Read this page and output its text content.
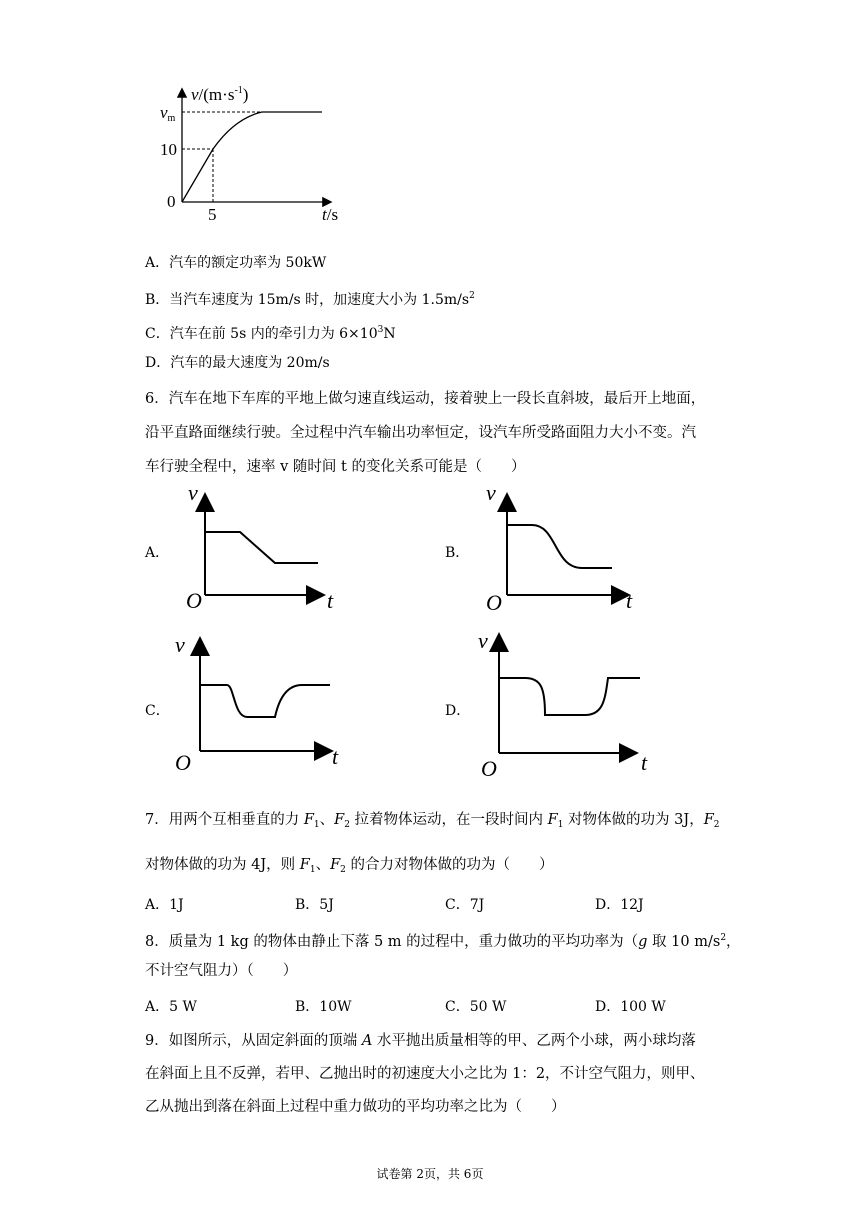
$v/(m\cdot s^{-1})$
vm
10
0
5	t/s
A．汽车的额定功率为 50kW
B．当汽车速度为 15m/s 时，加速度大小为 $1.5m/s^2$
C．汽车在前 5s 内的牵引力为 $6\times 10^3N$
D．汽车的最大速度为 20m/s
6．汽车在地下车库的平地上做匀速直线运动，接着驶上一段长直斜坡，最后开上地面，
沿平直路面继续行驶。全过程中汽车输出功率恒定，设汽车所受路面阻力大小不变。汽
车行驶全程中，速率 v 随时间 t 的变化关系可能是（　　）
A．	B．
C．	D．
v
O	t
v
O	t
v
O	t
v
O	t
7．用两个互相垂直的力 $F_1$、$F_2$ 拉着物体运动，在一段时间内 $F_1$ 对物体做的功为 3J，$F_2$
对物体做的功为 4J，则 $F_1$、$F_2$ 的合力对物体做的功为（　　）
A．1J	B．5J	C．7J	D．12J
8．质量为 1 kg 的物体由静止下落 5 m 的过程中，重力做功的平均功率为（g 取 10 $m/s^2$，
不计空气阻力）（　　）
A．5 W	B．10W	C．50 W	D．100 W
9．如图所示，从固定斜面的顶端 A 水平抛出质量相等的甲、乙两个小球，两小球均落
在斜面上且不反弹，若甲、乙抛出时的初速度大小之比为 1：2，不计空气阻力，则甲、
乙从抛出到落在斜面上过程中重力做功的平均功率之比为（　　）
试卷第 2页，共 6页
